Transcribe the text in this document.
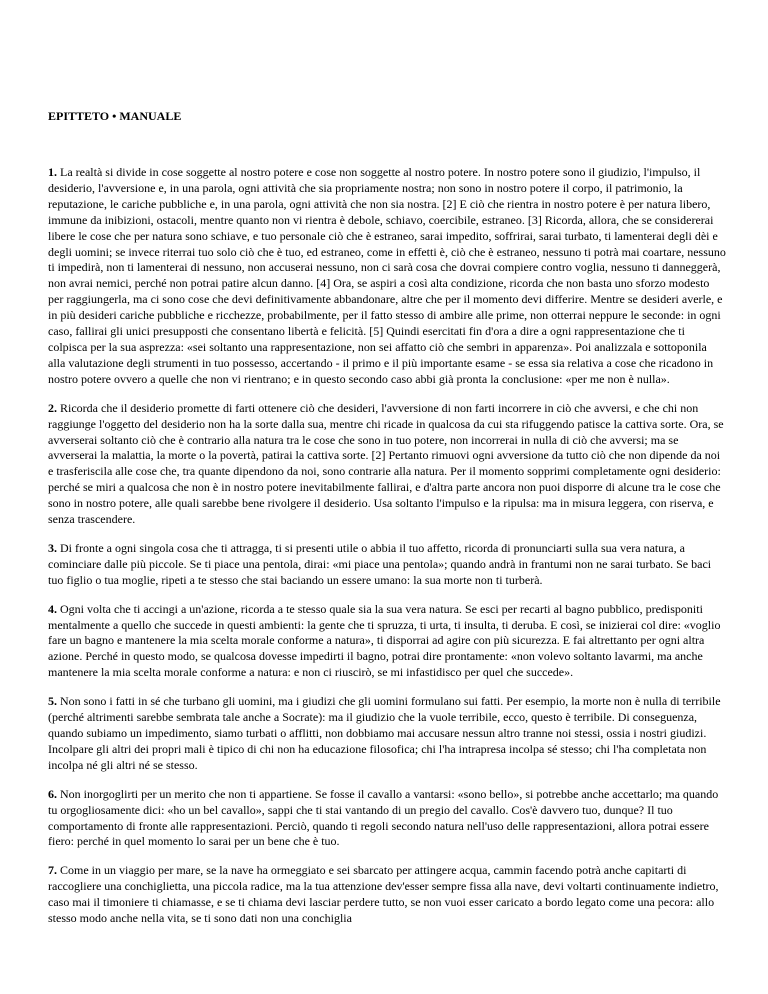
EPITTETO • MANUALE

1. La realtà si divide in cose soggette al nostro potere e cose non soggette al nostro potere. In nostro potere sono il giudizio, l'impulso, il desiderio, l'avversione e, in una parola, ogni attività che sia propriamente nostra; non sono in nostro potere il corpo, il patrimonio, la reputazione, le cariche pubbliche e, in una parola, ogni attività che non sia nostra. [2] E ciò che rientra in nostro potere è per natura libero, immune da inibizioni, ostacoli, mentre quanto non vi rientra è debole, schiavo, coercibile, estraneo. [3] Ricorda, allora, che se considererai libere le cose che per natura sono schiave, e tuo personale ciò che è estraneo, sarai impedito, soffrirai, sarai turbato, ti lamenterai degli dèi e degli uomini; se invece riterrai tuo solo ciò che è tuo, ed estraneo, come in effetti è, ciò che è estraneo, nessuno ti potrà mai coartare, nessuno ti impedirà, non ti lamenterai di nessuno, non accuserai nessuno, non ci sarà cosa che dovrai compiere contro voglia, nessuno ti danneggerà, non avrai nemici, perché non potrai patire alcun danno. [4] Ora, se aspiri a così alta condizione, ricorda che non basta uno sforzo modesto per raggiungerla, ma ci sono cose che devi definitivamente abbandonare, altre che per il momento devi differire. Mentre se desideri averle, e in più desideri cariche pubbliche e ricchezze, probabilmente, per il fatto stesso di ambire alle prime, non otterrai neppure le seconde: in ogni caso, fallirai gli unici presupposti che consentano libertà e felicità. [5] Quindi esercitati fin d'ora a dire a ogni rappresentazione che ti colpisca per la sua asprezza: «sei soltanto una rappresentazione, non sei affatto ciò che sembri in apparenza». Poi analizzala e sottoponila alla valutazione degli strumenti in tuo possesso, accertando - il primo e il più importante esame - se essa sia relativa a cose che ricadono in nostro potere ovvero a quelle che non vi rientrano; e in questo secondo caso abbi già pronta la conclusione: «per me non è nulla».

2. Ricorda che il desiderio promette di farti ottenere ciò che desideri, l'avversione di non farti incorrere in ciò che avversi, e che chi non raggiunge l'oggetto del desiderio non ha la sorte dalla sua, mentre chi ricade in qualcosa da cui sta rifuggendo patisce la cattiva sorte. Ora, se avverserai soltanto ciò che è contrario alla natura tra le cose che sono in tuo potere, non incorrerai in nulla di ciò che avversi; ma se avverserai la malattia, la morte o la povertà, patirai la cattiva sorte. [2] Pertanto rimuovi ogni avversione da tutto ciò che non dipende da noi e trasferiscila alle cose che, tra quante dipendono da noi, sono contrarie alla natura. Per il momento sopprimi completamente ogni desiderio: perché se miri a qualcosa che non è in nostro potere inevitabilmente fallirai, e d'altra parte ancora non puoi disporre di alcune tra le cose che sono in nostro potere, alle quali sarebbe bene rivolgere il desiderio. Usa soltanto l'impulso e la ripulsa: ma in misura leggera, con riserva, e senza trascendere.

3. Di fronte a ogni singola cosa che ti attragga, ti si presenti utile o abbia il tuo affetto, ricorda di pronunciarti sulla sua vera natura, a cominciare dalle più piccole. Se ti piace una pentola, dirai: «mi piace una pentola»; quando andrà in frantumi non ne sarai turbato. Se baci tuo figlio o tua moglie, ripeti a te stesso che stai baciando un essere umano: la sua morte non ti turberà.

4. Ogni volta che ti accingi a un'azione, ricorda a te stesso quale sia la sua vera natura. Se esci per recarti al bagno pubblico, predisponiti mentalmente a quello che succede in questi ambienti: la gente che ti spruzza, ti urta, ti insulta, ti deruba. E così, se inizierai col dire: «voglio fare un bagno e mantenere la mia scelta morale conforme a natura», ti disporrai ad agire con più sicurezza. E fai altrettanto per ogni altra azione. Perché in questo modo, se qualcosa dovesse impedirti il bagno, potrai dire prontamente: «non volevo soltanto lavarmi, ma anche mantenere la mia scelta morale conforme a natura: e non ci riuscirò, se mi infastidisco per quel che succede».

5. Non sono i fatti in sé che turbano gli uomini, ma i giudizi che gli uomini formulano sui fatti. Per esempio, la morte non è nulla di terribile (perché altrimenti sarebbe sembrata tale anche a Socrate): ma il giudizio che la vuole terribile, ecco, questo è terribile. Di conseguenza, quando subiamo un impedimento, siamo turbati o afflitti, non dobbiamo mai accusare nessun altro tranne noi stessi, ossia i nostri giudizi. Incolpare gli altri dei propri mali è tipico di chi non ha educazione filosofica; chi l'ha intrapresa incolpa sé stesso; chi l'ha completata non incolpa né gli altri né se stesso.

6. Non inorgoglirti per un merito che non ti appartiene. Se fosse il cavallo a vantarsi: «sono bello», si potrebbe anche accettarlo; ma quando tu orgogliosamente dici: «ho un bel cavallo», sappi che ti stai vantando di un pregio del cavallo. Cos'è davvero tuo, dunque? Il tuo comportamento di fronte alle rappresentazioni. Perciò, quando ti regoli secondo natura nell'uso delle rappresentazioni, allora potrai essere fiero: perché in quel momento lo sarai per un bene che è tuo.

7. Come in un viaggio per mare, se la nave ha ormeggiato e sei sbarcato per attingere acqua, cammin facendo potrà anche capitarti di raccogliere una conchiglietta, una piccola radice, ma la tua attenzione dev'esser sempre fissa alla nave, devi voltarti continuamente indietro, caso mai il timoniere ti chiamasse, e se ti chiama devi lasciar perdere tutto, se non vuoi esser caricato a bordo legato come una pecora: allo stesso modo anche nella vita, se ti sono dati non una conchiglia
